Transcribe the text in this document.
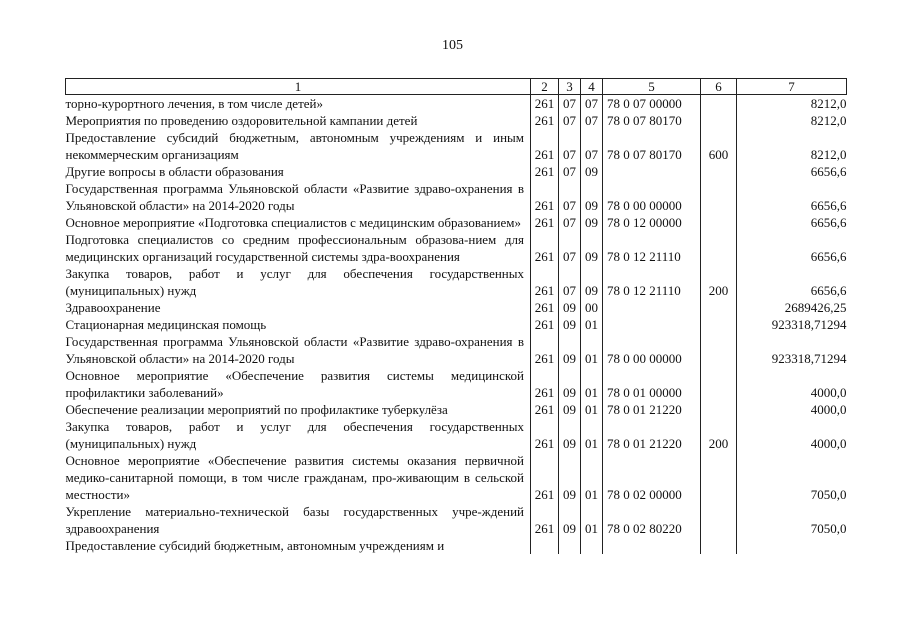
105
1	2	3	4	5	6	7
торно-курортного лечения, в том числе детей»	261	07	07	78 0 07 00000		8212,0
Мероприятия по проведению оздоровительной кампании детей	261	07	07	78 0 07 80170		8212,0
Предоставление субсидий бюджетным, автономным учреждениям и иным некоммерческим организациям	261	07	07	78 0 07 80170	600	8212,0
Другие вопросы в области образования	261	07	09			6656,6
Государственная программа Ульяновской области «Развитие здраво-охранения в Ульяновской области» на 2014-2020 годы	261	07	09	78 0 00 00000		6656,6
Основное мероприятие «Подготовка специалистов с медицинским образованием»	261	07	09	78 0 12 00000		6656,6
Подготовка специалистов со средним профессиональным образова-нием для медицинских организаций государственной системы здра-воохранения	261	07	09	78 0 12 21110		6656,6
Закупка товаров, работ и услуг для обеспечения государственных (муниципальных) нужд	261	07	09	78 0 12 21110	200	6656,6
Здравоохранение	261	09	00			2689426,25
Стационарная медицинская помощь	261	09	01			923318,71294
Государственная программа Ульяновской области «Развитие здраво-охранения в Ульяновской области» на 2014-2020 годы	261	09	01	78 0 00 00000		923318,71294
Основное мероприятие «Обеспечение развития системы медицинской профилактики заболеваний»	261	09	01	78 0 01 00000		4000,0
Обеспечение реализации мероприятий по профилактике туберкулёза	261	09	01	78 0 01 21220		4000,0
Закупка товаров, работ и услуг для обеспечения государственных (муниципальных) нужд	261	09	01	78 0 01 21220	200	4000,0
Основное мероприятие «Обеспечение развития системы оказания первичной медико-санитарной помощи, в том числе гражданам, про-живающим в сельской местности»	261	09	01	78 0 02 00000		7050,0
Укрепление материально-технической базы государственных учре-ждений здравоохранения	261	09	01	78 0 02 80220		7050,0
Предоставление субсидий бюджетным, автономным учреждениям и						
